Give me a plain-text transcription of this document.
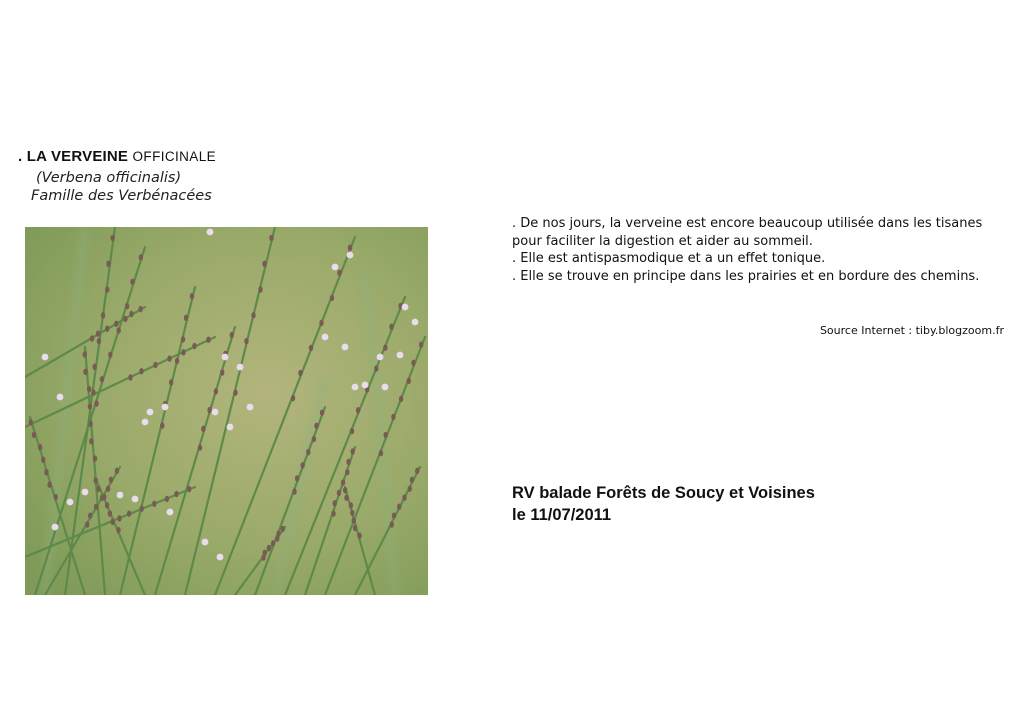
. LA VERVEINE OFFICINALE
(Verbena officinalis)
Famille des Verbénacées

. De nos jours, la verveine est encore beaucoup utilisée dans les tisanes pour faciliter la digestion et aider au sommeil.

. Elle est antispasmodique et a un effet tonique.

. Elle se trouve en principe dans les prairies et en bordure des chemins.

Source Internet : tiby.blogzoom.fr
RV balade Forêts de Soucy et Voisines
le 11/07/2011
